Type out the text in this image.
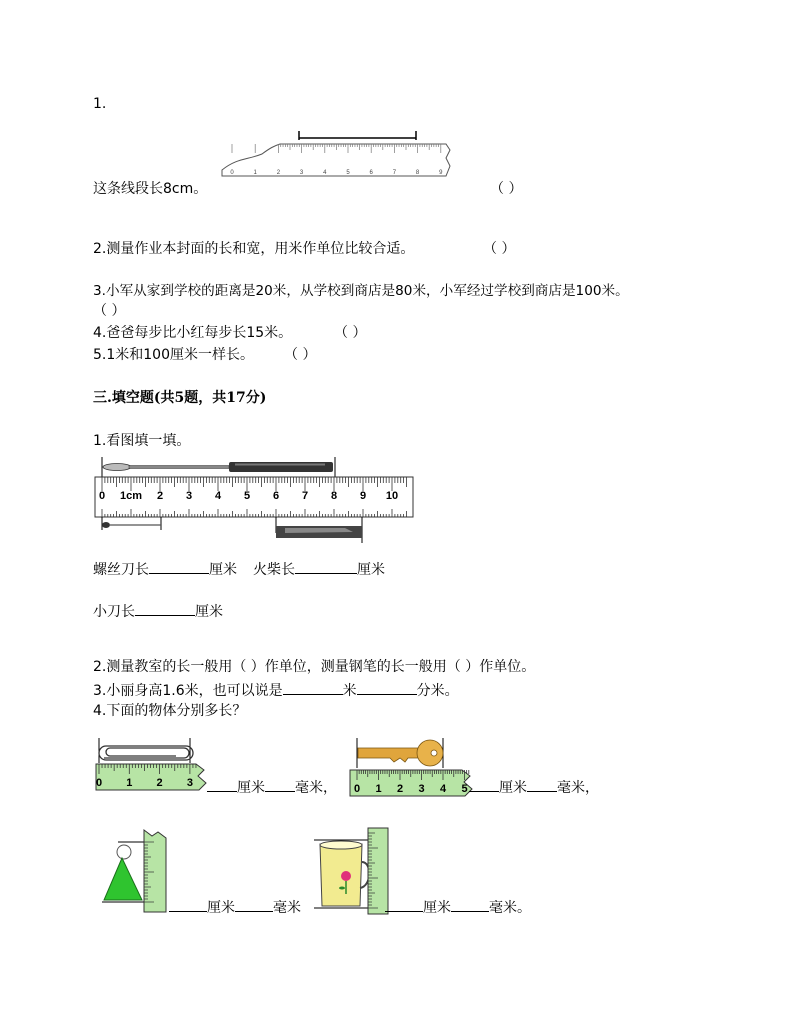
1.
0	1	2	3	4	5	6	7	8	9
这条线段长8cm。	（ ）
2.测量作业本封面的长和宽，用米作单位比较合适。	（ ）
3.小军从家到学校的距离是20米，从学校到商店是80米，小军经过学校到商店是100米。
（ ）
4.爸爸每步比小红每步长15米。	（ ）
5.1米和100厘米一样长。 （ ）
三.填空题(共5题，共17分)
1.看图填一填。
0 1cm 2 3 4 5 6 7 8 9 10
螺丝刀长	厘米 火柴长	厘米
小刀长	厘米
2.测量教室的长一般用（ ）作单位，测量钢笔的长一般用（ ）作单位。
3.小丽身高1.6米，也可以说是	米	分米。
4.下面的物体分别多长？
0 1 2 3	厘米 毫米， 0 1 2 3 4 5	厘米 毫米，
厘米	毫米	厘米	毫米。
